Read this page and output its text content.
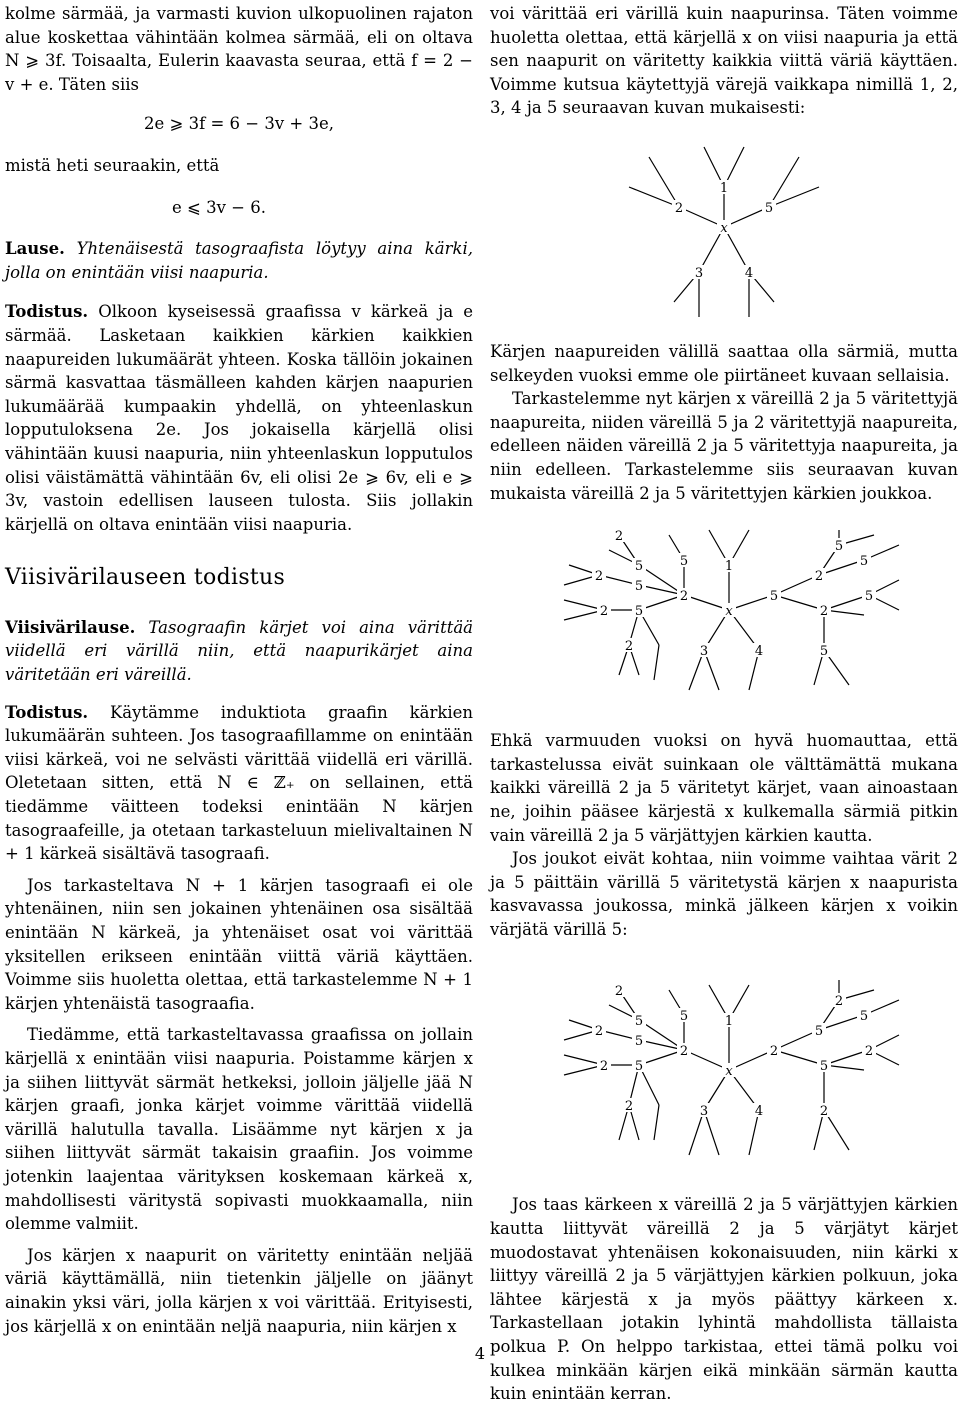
kolme särmää, ja varmasti kuvion ulkopuolinen rajaton alue koskettaa vähintään kolmea särmää, eli on oltava N ⩾ 3f. Toisaalta, Eulerin kaavasta seuraa, että f = 2 − v + e. Täten siis

2e ⩾ 3f = 6 − 3v + 3e,

mistä heti seuraakin, että

e ⩽ 3v − 6.

Lause. Yhtenäisestä tasograafista löytyy aina kärki, jolla on enintään viisi naapuria.

Todistus. Olkoon kyseisessä graafissa v kärkeä ja e särmää. Lasketaan kaikkien kärkien kaikkien naapureiden lukumäärät yhteen. Koska tällöin jokainen särmä kasvattaa täsmälleen kahden kärjen naapurien lukumäärää kumpaakin yhdellä, on yhteenlaskun lopputuloksena 2e. Jos jokaisella kärjellä olisi vähintään kuusi naapuria, niin yhteenlaskun lopputulos olisi väistämättä vähintään 6v, eli olisi 2e ⩾ 6v, eli e ⩾ 3v, vastoin edellisen lauseen tulosta. Siis jollakin kärjellä on oltava enintään viisi naapuria.

Viisivärilauseen todistus

Viisivärilause. Tasograafin kärjet voi aina värittää viidellä eri värillä niin, että naapurikärjet aina väritetään eri väreillä.

Todistus. Käytämme induktiota graafin kärkien lukumäärän suhteen. Jos tasograafillamme on enintään viisi kärkeä, voi ne selvästi värittää viidellä eri värillä. Oletetaan sitten, että N ∈ ℤ₊ on sellainen, että tiedämme väitteen todeksi enintään N kärjen tasograafeille, ja otetaan tarkasteluun mielivaltainen N + 1 kärkeä sisältävä tasograafi.

Jos tarkasteltava N + 1 kärjen tasograafi ei ole yhtenäinen, niin sen jokainen yhtenäinen osa sisältää enintään N kärkeä, ja yhtenäiset osat voi värittää yksitellen erikseen enintään viittä väriä käyttäen. Voimme siis huoletta olettaa, että tarkastelemme N + 1 kärjen yhtenäistä tasograafia.

Tiedämme, että tarkasteltavassa graafissa on jollain kärjellä x enintään viisi naapuria. Poistamme kärjen x ja siihen liittyvät särmät hetkeksi, jolloin jäljelle jää N kärjen graafi, jonka kärjet voimme värittää viidellä värillä halutulla tavalla. Lisäämme nyt kärjen x ja siihen liittyvät särmät takaisin graafiin. Jos voimme jotenkin laajentaa värityksen koskemaan kärkeä x, mahdollisesti väritystä sopivasti muokkaamalla, niin olemme valmiit.

Jos kärjen x naapurit on väritetty enintään neljää väriä käyttämällä, niin tietenkin jäljelle on jäänyt ainakin yksi väri, jolla kärjen x voi värittää. Erityisesti, jos kärjellä x on enintään neljä naapuria, niin kärjen x

voi värittää eri värillä kuin naapurinsa. Täten voimme huoletta olettaa, että kärjellä x on viisi naapuria ja että sen naapurit on väritetty kaikkia viittä väriä käyttäen. Voimme kutsua käytettyjä värejä vaikkapa nimillä 1, 2, 3, 4 ja 5 seuraavan kuvan mukaisesti:

x
1
2	5
3	4

Kärjen naapureiden välillä saattaa olla särmiä, mutta selkeyden vuoksi emme ole piirtäneet kuvaan sellaisia.

Tarkastelemme nyt kärjen x väreillä 2 ja 5 väritettyjä naapureita, niiden väreillä 5 ja 2 väritettyjä naapureita, edelleen näiden väreillä 2 ja 5 väritettyja naapureita, ja niin edelleen. Tarkastelemme siis seuraavan kuvan mukaista väreillä 2 ja 5 väritettyjen kärkien joukkoa.

x
1
2
5
5
2
5
2
5
2
2
5
2
5
5
2
5
3	4	5

Ehkä varmuuden vuoksi on hyvä huomauttaa, että tarkastelussa eivät suinkaan ole välttämättä mukana kaikki väreillä 2 ja 5 väritetyt kärjet, vaan ainoastaan ne, joihin pääsee kärjestä x kulkemalla särmiä pitkin vain väreillä 2 ja 5 värjättyjen kärkien kautta.

Jos joukot eivät kohtaa, niin voimme vaihtaa värit 2 ja 5 päittäin värillä 5 väritetystä kärjen x naapurista kasvavassa joukossa, minkä jälkeen kärjen x voikin värjätä värillä 5:

x
1
2
5
5
2
5
2
5
2
2
2
5
2
5
5
2
3	4	2

Jos taas kärkeen x väreillä 2 ja 5 värjättyjen kärkien kautta liittyvät väreillä 2 ja 5 värjätyt kärjet muodostavat yhtenäisen kokonaisuuden, niin kärki x liittyy väreillä 2 ja 5 värjättyjen kärkien polkuun, joka lähtee kärjestä x ja myös päättyy kärkeen x. Tarkastellaan jotakin lyhintä mahdollista tällaista polkua P. On helppo tarkistaa, ettei tämä polku voi kulkea minkään kärjen eikä minkään särmän kautta kuin enintään kerran.

4
